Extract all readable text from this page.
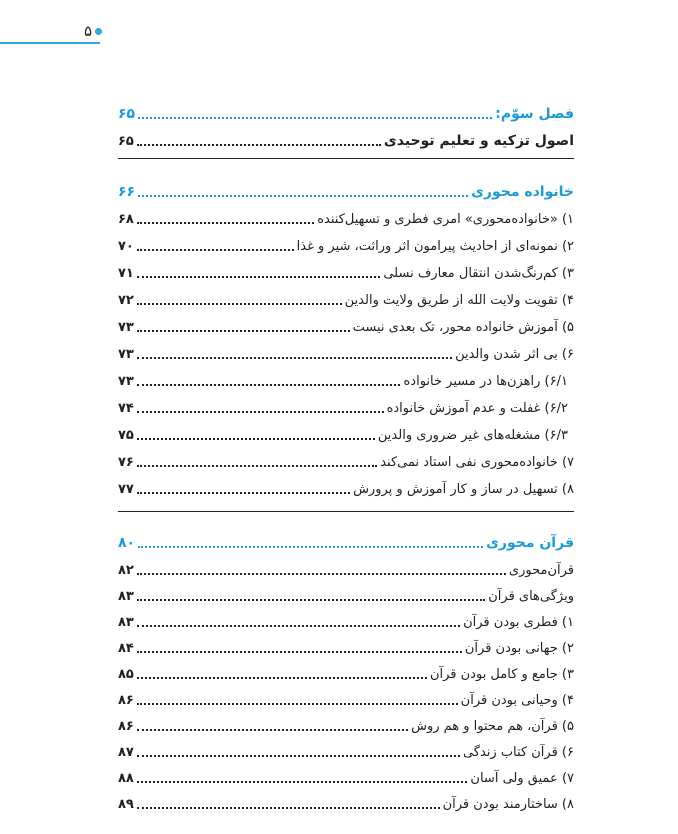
۵
فصل سوّم:
۶۵
اصول تزکیه و تعلیم توحیدی
۶۵
خانواده محوری
۶۶
۱) «خانواده‌محوری» امری فطری و تسهیل‌کننده
۶۸
۲) نمونه‌ای از احادیث پیرامون اثر وراثت، شیر و غذا
۷۰
۳) کم‌رنگ‌شدن انتقال معارف نسلی
۷۱
۴) تقویت ولایت الله از طریق ولایت والدین
۷۲
۵) آموزش خانواده محور، تک بعدی نیست
۷۳
۶) بی اثر شدن والدین
۷۳
۶/۱) راهزن‌ها در مسیر خانواده
۷۳
۶/۲) غفلت و عدم آموزش خانواده
۷۴
۶/۳) مشغله‌های غیر ضروری والدین
۷۵
۷) خانواده‌محوری نفی استاد نمی‌کند
۷۶
۸) تسهیل در ساز و کار آموزش و پرورش
۷۷
قرآن محوری
۸۰
قرآن‌محوری
۸۲
ویژگی‌های قرآن
۸۳
۱) فطری بودن قرآن
۸۳
۲) جهانی بودن قرآن
۸۴
۳) جامع و کامل بودن قرآن
۸۵
۴) وحیانی بودن قرآن
۸۶
۵) قرآن، هم محتوا و هم روش
۸۶
۶) قرآن کتاب زندگی
۸۷
۷) عمیق ولی آسان
۸۸
۸) ساختارمند بودن قرآن
۸۹
